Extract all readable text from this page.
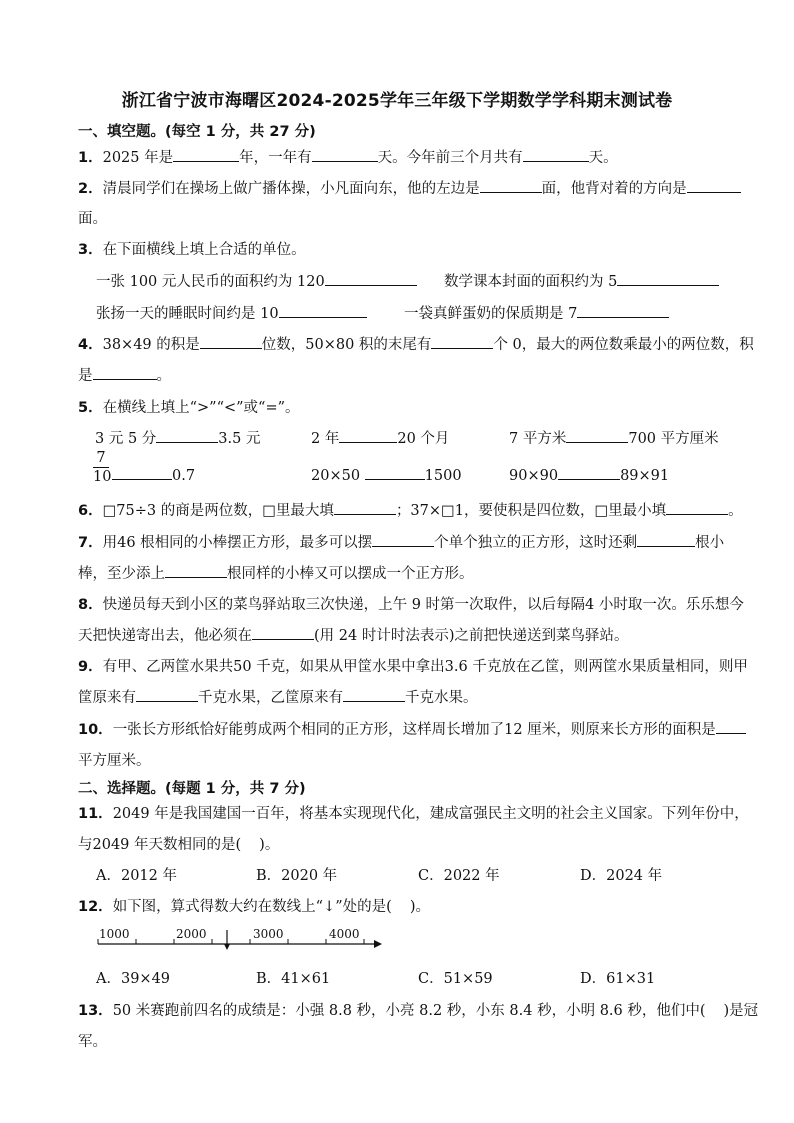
浙江省宁波市海曙区2024-2025学年三年级下学期数学学科期末测试卷
一、填空题。(每空 1 分，共 27 分)
1．2025 年是	年，一年有	天。今年前三个月共有	天。
2．清晨同学们在操场上做广播体操，小凡面向东，他的左边是	面，他背对着的方向是
面。
3．在下面横线上填上合适的单位。
一张 100 元人民币的面积约为 120	数学课本封面的面积约为 5
张扬一天的睡眠时间约是 10	一袋真鲜蛋奶的保质期是 7
4．38×49 的积是	位数，50×80 积的末尾有	个 0，最大的两位数乘最小的两位数，积
是	。
5．在横线上填上“>”“<”或“=”。
3 元 5 分	3.5 元	2 年	20 个月	7 平方米	700 平方厘米
7
10	0.7	20×50	1500	90×90	89×91
6．□75÷3 的商是两位数，□里最大填	；37×□1，要使积是四位数，□里最小填	。
7．用46 根相同的小棒摆正方形，最多可以摆	个单个独立的正方形，这时还剩	根小
棒，至少添上	根同样的小棒又可以摆成一个正方形。
8．快递员每天到小区的菜鸟驿站取三次快递，上午 9 时第一次取件，以后每隔4 小时取一次。乐乐想今
天把快递寄出去，他必须在	(用 24 时计时法表示)之前把快递送到菜鸟驿站。
9．有甲、乙两筐水果共50 千克，如果从甲筐水果中拿出3.6 千克放在乙筐，则两筐水果质量相同，则甲
筐原来有	千克水果，乙筐原来有	千克水果。
10．一张长方形纸恰好能剪成两个相同的正方形，这样周长增加了12 厘米，则原来长方形的面积是
平方厘米。
二、选择题。(每题 1 分，共 7 分)
11．2049 年是我国建国一百年，将基本实现现代化，建成富强民主文明的社会主义国家。下列年份中，
与2049 年天数相同的是( )。
A．2012 年	B．2020 年	C．2022 年	D．2024 年
12．如下图，算式得数大约在数线上“↓”处的是( )。
1000	2000	3000	4000
A．39×49	B．41×61	C．51×59	D．61×31
13．50 米赛跑前四名的成绩是：小强 8.8 秒，小亮 8.2 秒，小东 8.4 秒，小明 8.6 秒，他们中( )是冠
军。
